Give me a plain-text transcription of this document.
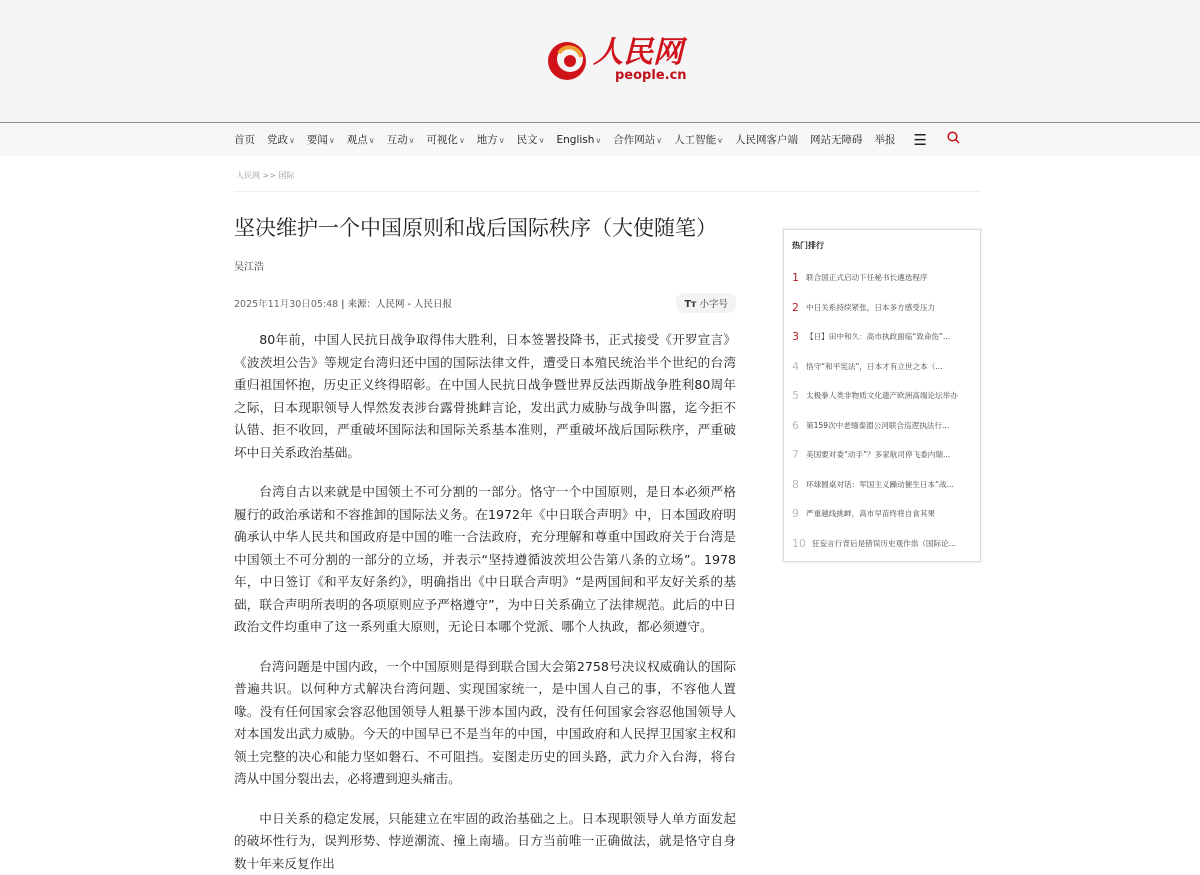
人民网
people.cn
首页 党政∨ 要闻∨ 观点∨ 互动∨ 可视化∨ 地方∨ 民文∨ English∨ 合作网站∨ 人工智能∨ 人民网客户端 网站无障碍 举报 ☰
人民网 >> 国际
坚决维护一个中国原则和战后国际秩序（大使随笔）
吴江浩
2025年11月30日05:48 | 来源：人民网 - 人民日报	Tт 小字号

80年前，中国人民抗日战争取得伟大胜利，日本签署投降书，正式接受《开罗宣言》《波茨坦公告》等规定台湾归还中国的国际法律文件，遭受日本殖民统治半个世纪的台湾重归祖国怀抱，历史正义终得昭彰。在中国人民抗日战争暨世界反法西斯战争胜利80周年之际，日本现职领导人悍然发表涉台露骨挑衅言论，发出武力威胁与战争叫嚣，迄今拒不认错、拒不收回，严重破坏国际法和国际关系基本准则，严重破坏战后国际秩序，严重破坏中日关系政治基础。

台湾自古以来就是中国领土不可分割的一部分。恪守一个中国原则，是日本必须严格履行的政治承诺和不容推卸的国际法义务。在1972年《中日联合声明》中，日本国政府明确承认中华人民共和国政府是中国的唯一合法政府，充分理解和尊重中国政府关于台湾是中国领土不可分割的一部分的立场，并表示“坚持遵循波茨坦公告第八条的立场”。1978年，中日签订《和平友好条约》，明确指出《中日联合声明》“是两国间和平友好关系的基础，联合声明所表明的各项原则应予严格遵守”，为中日关系确立了法律规范。此后的中日政治文件均重申了这一系列重大原则，无论日本哪个党派、哪个人执政，都必须遵守。

台湾问题是中国内政，一个中国原则是得到联合国大会第2758号决议权威确认的国际普遍共识。以何种方式解决台湾问题、实现国家统一，是中国人自己的事，不容他人置喙。没有任何国家会容忍他国领导人粗暴干涉本国内政，没有任何国家会容忍他国领导人对本国发出武力威胁。今天的中国早已不是当年的中国，中国政府和人民捍卫国家主权和领土完整的决心和能力坚如磐石、不可阻挡。妄图走历史的回头路，武力介入台海，将台湾从中国分裂出去，必将遭到迎头痛击。

中日关系的稳定发展，只能建立在牢固的政治基础之上。日本现职领导人单方面发起的破坏性行为，误判形势、悖逆潮流、撞上南墙。日方当前唯一正确做法，就是恪守自身数十年来反复作出

热门排行
1 联合国正式启动下任秘书长遴选程序
2 中日关系持续紧张，日本多方感受压力
3 【日】田中和久：高市执政面临“致命伤”...
4 恪守“和平宪法”，日本才有立世之本（...
5 太极拳人类非物质文化遗产欧洲高端论坛举办
6 第159次中老缅泰湄公河联合巡逻执法行...
7 美国要对委“动手”？多家航司停飞委内瑞...
8 环球圆桌对话：军国主义躁动催生日本“战...
9 严重越线挑衅，高市早苗终将自食其果
10 狂妄言行背后是错误历史观作祟（国际论...
